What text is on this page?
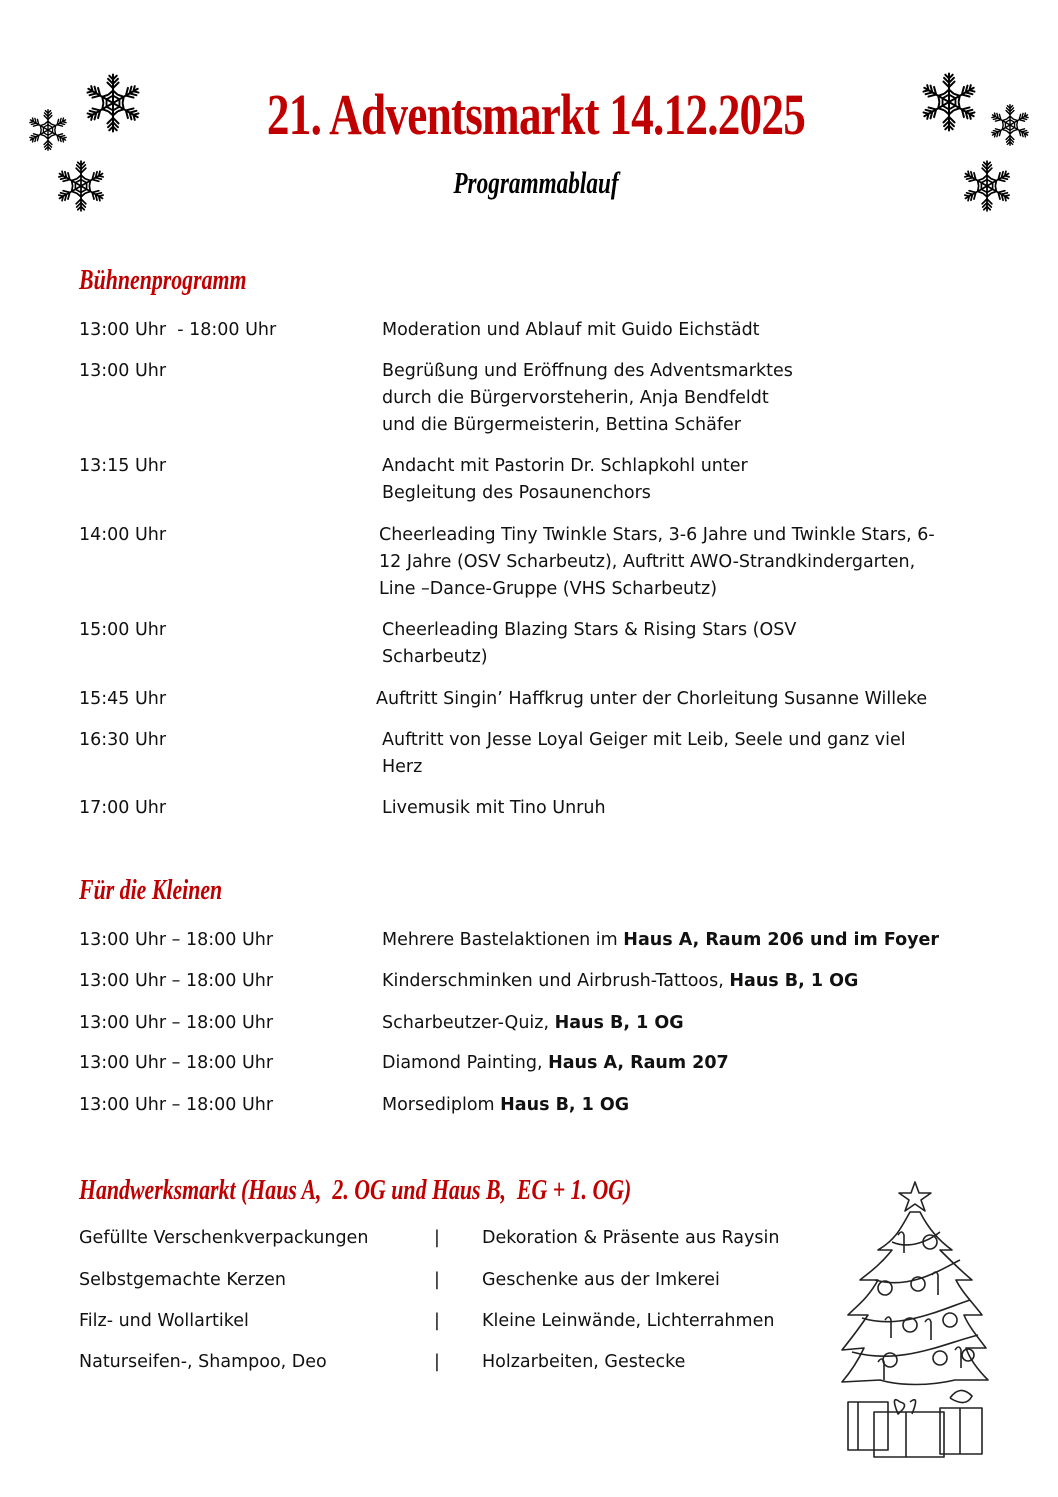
21. Adventsmarkt 14.12.2025
Programmablauf
Bühnenprogramm
13:00 Uhr  - 18:00 Uhr	Moderation und Ablauf mit Guido Eichstädt
13:00 Uhr	Begrüßung und Eröffnung des Adventsmarktes
durch die Bürgervorsteherin, Anja Bendfeldt
und die Bürgermeisterin, Bettina Schäfer
13:15 Uhr	Andacht mit Pastorin Dr. Schlapkohl unter
Begleitung des Posaunenchors
14:00 Uhr	Cheerleading Tiny Twinkle Stars, 3-6 Jahre und Twinkle Stars, 6-
12 Jahre (OSV Scharbeutz), Auftritt AWO-Strandkindergarten,
Line –Dance-Gruppe (VHS Scharbeutz)
15:00 Uhr	Cheerleading Blazing Stars & Rising Stars (OSV
Scharbeutz)
15:45 Uhr	Auftritt Singin’ Haffkrug unter der Chorleitung Susanne Willeke
16:30 Uhr	Auftritt von Jesse Loyal Geiger mit Leib, Seele und ganz viel
Herz
17:00 Uhr	Livemusik mit Tino Unruh
Für die Kleinen
13:00 Uhr – 18:00 Uhr	Mehrere Bastelaktionen im Haus A, Raum 206 und im Foyer
13:00 Uhr – 18:00 Uhr	Kinderschminken und Airbrush-Tattoos, Haus B, 1 OG
13:00 Uhr – 18:00 Uhr	Scharbeutzer-Quiz, Haus B, 1 OG
13:00 Uhr – 18:00 Uhr	Diamond Painting, Haus A, Raum 207
13:00 Uhr – 18:00 Uhr	Morsediplom Haus B, 1 OG
Handwerksmarkt (Haus A,  2. OG und Haus B,  EG + 1. OG)
Gefüllte Verschenkverpackungen	| Dekoration & Präsente aus Raysin
Selbstgemachte Kerzen	| Geschenke aus der Imkerei
Filz- und Wollartikel	| Kleine Leinwände, Lichterrahmen
Naturseifen-, Shampoo, Deo	| Holzarbeiten, Gestecke
